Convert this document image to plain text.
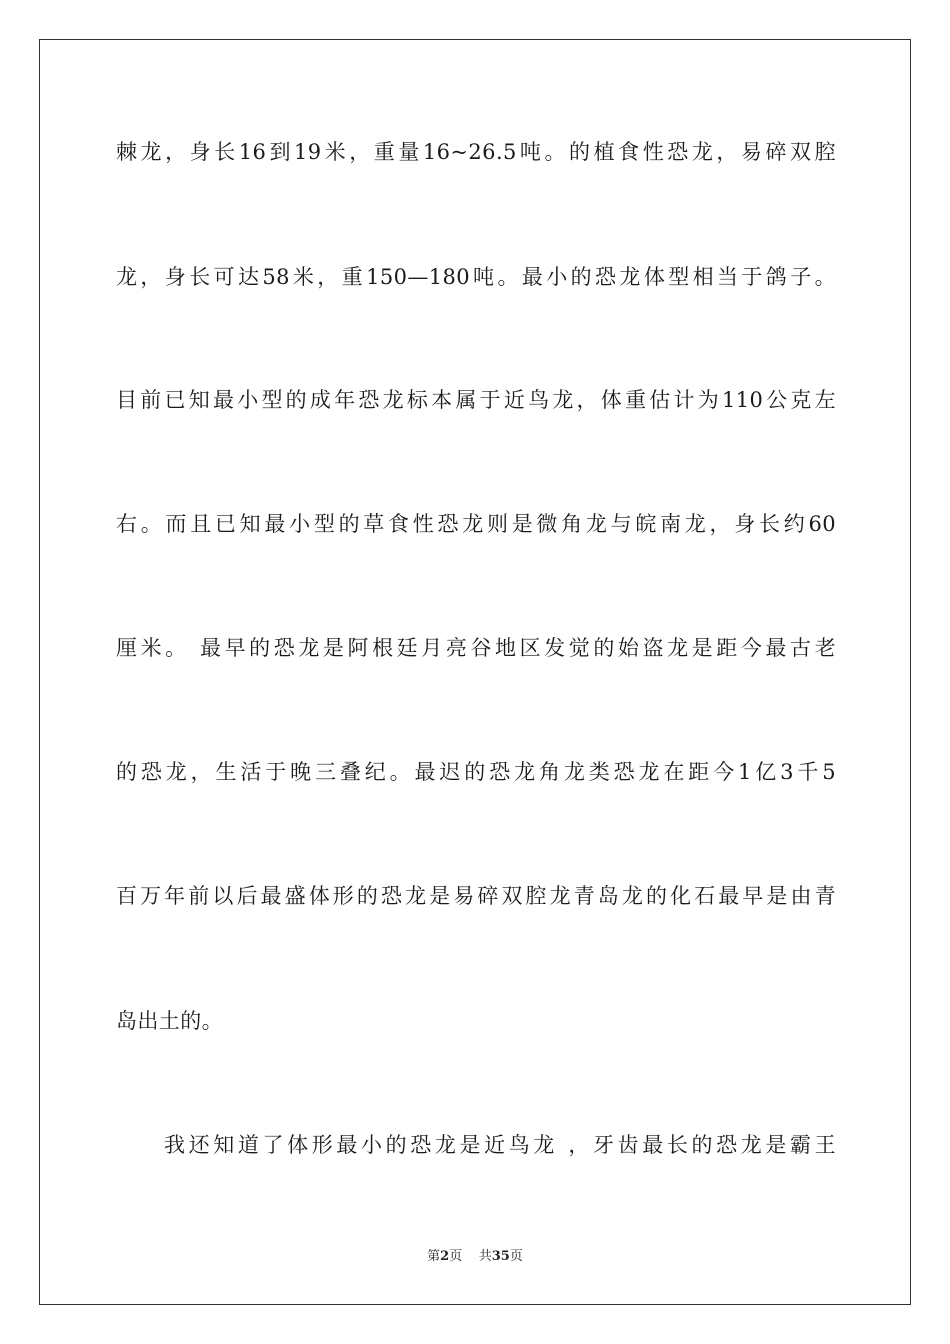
棘龙，身长16到19米，重量16~26.5吨。的植食性恐龙，易碎双腔
龙，身长可达58米，重150—180吨。最小的恐龙体型相当于鸽子。
目前已知最小型的成年恐龙标本属于近鸟龙，体重估计为110公克左
右。而且已知最小型的草食性恐龙则是微角龙与皖南龙，身长约60
厘米。 最早的恐龙是阿根廷月亮谷地区发觉的始盗龙是距今最古老
的恐龙，生活于晚三叠纪。最迟的恐龙角龙类恐龙在距今1亿3千5
百万年前以后最盛体形的恐龙是易碎双腔龙青岛龙的化石最早是由青
岛出土的。
我还知道了体形最小的恐龙是近鸟龙 ，牙齿最长的恐龙是霸王
第2页 共35页
